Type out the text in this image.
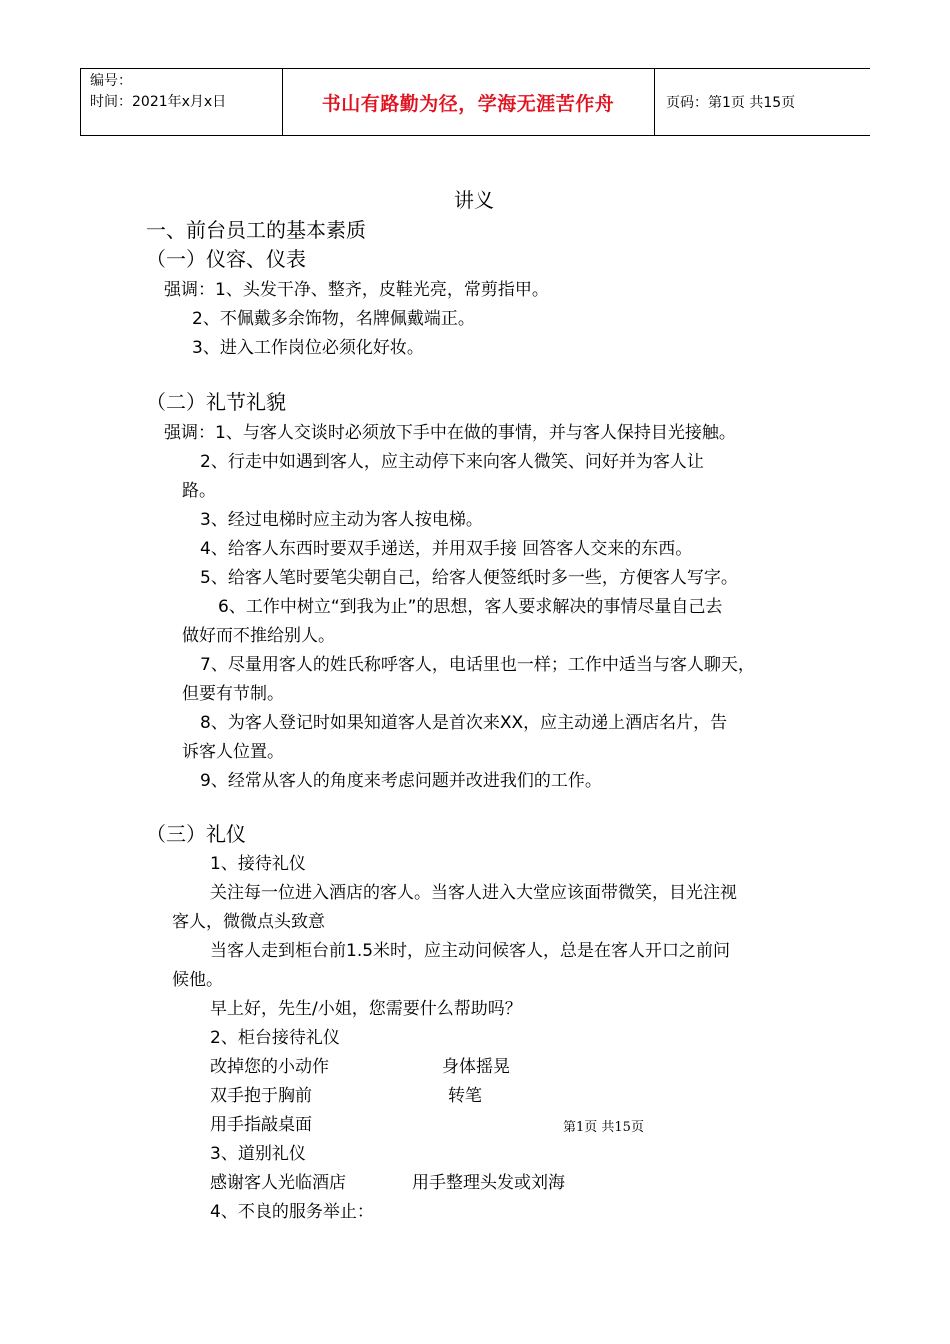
编号：
时间：2021年x月x日	书山有路勤为径，学海无涯苦作舟	页码：第1页 共15页
讲义
一、前台员工的基本素质
（一）仪容、仪表
强调：1、头发干净、整齐，皮鞋光亮，常剪指甲。
2、不佩戴多余饰物，名牌佩戴端正。
3、进入工作岗位必须化好妆。
（二）礼节礼貌
强调：1、与客人交谈时必须放下手中在做的事情，并与客人保持目光接触。
2、行走中如遇到客人，应主动停下来向客人微笑、问好并为客人让
路。
3、经过电梯时应主动为客人按电梯。
4、给客人东西时要双手递送，并用双手接 回答客人交来的东西。
5、给客人笔时要笔尖朝自己，给客人便签纸时多一些，方便客人写字。
6、工作中树立“到我为止”的思想，客人要求解决的事情尽量自己去
做好而不推给别人。
7、尽量用客人的姓氏称呼客人，电话里也一样；工作中适当与客人聊天，
但要有节制。
8、为客人登记时如果知道客人是首次来XX，应主动递上酒店名片，告
诉客人位置。
9、经常从客人的角度来考虑问题并改进我们的工作。
（三）礼仪
1、接待礼仪
关注每一位进入酒店的客人。当客人进入大堂应该面带微笑，目光注视
客人，微微点头致意
当客人走到柜台前1.5米时，应主动问候客人，总是在客人开口之前问
候他。
早上好，先生/小姐，您需要什么帮助吗？
2、柜台接待礼仪
改掉您的小动作	身体摇晃
双手抱于胸前	转笔
用手指敲桌面
3、道别礼仪
感谢客人光临酒店	用手整理头发或刘海
4、不良的服务举止：
第1页 共15页
